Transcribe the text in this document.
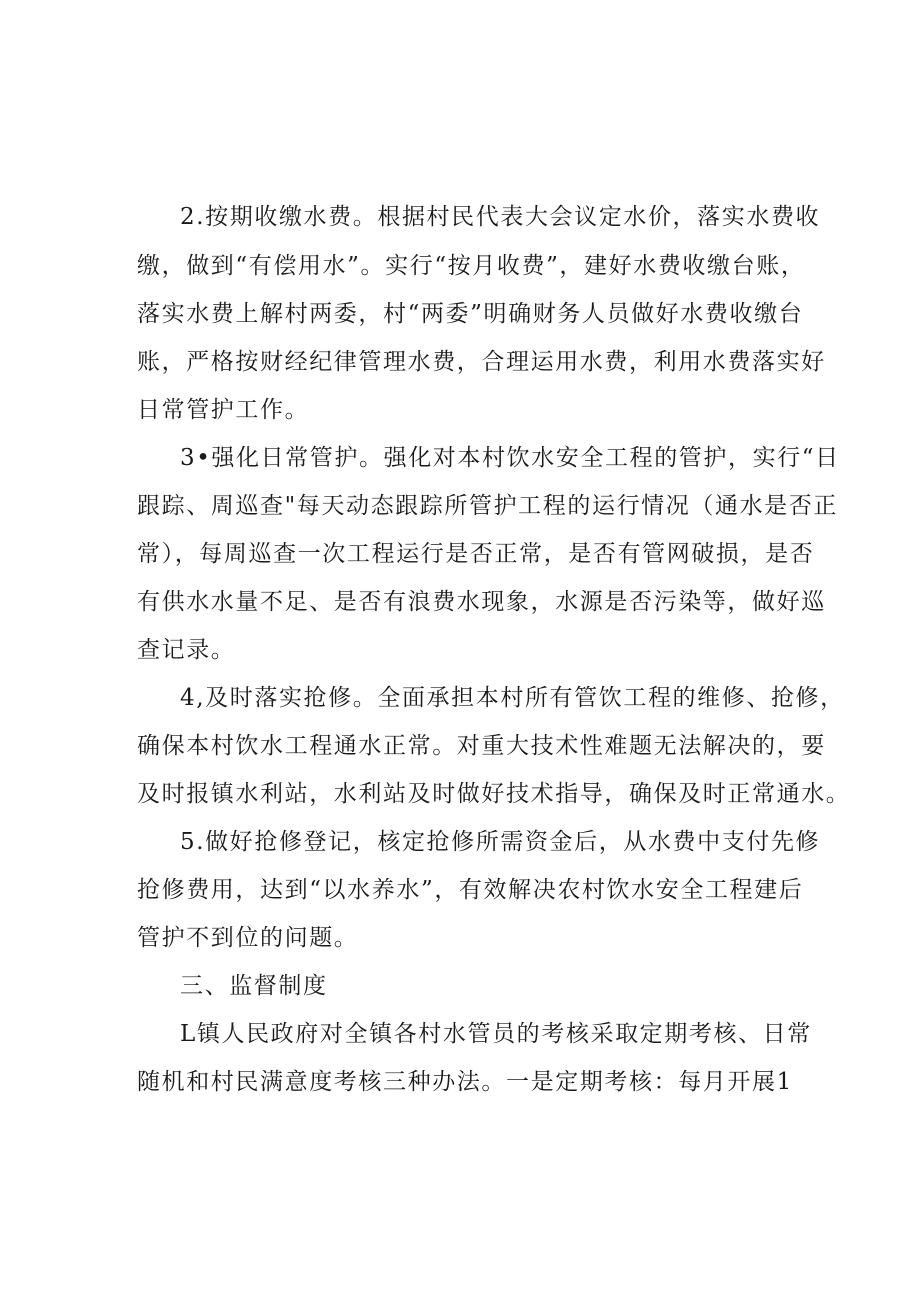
2.按期收缴水费。根据村民代表大会议定水价，落实水费收

缴，做到“有偿用水”。实行“按月收费”，建好水费收缴台账，

落实水费上解村两委，村“两委”明确财务人员做好水费收缴台

账，严格按财经纪律管理水费，合理运用水费，利用水费落实好

日常管护工作。

3•强化日常管护。强化对本村饮水安全工程的管护，实行“日

跟踪、周巡查"每天动态跟踪所管护工程的运行情况（通水是否正

常），每周巡查一次工程运行是否正常，是否有管网破损，是否

有供水水量不足、是否有浪费水现象，水源是否污染等，做好巡

查记录。

4,及时落实抢修。全面承担本村所有管饮工程的维修、抢修，

确保本村饮水工程通水正常。对重大技术性难题无法解决的，要

及时报镇水利站，水利站及时做好技术指导，确保及时正常通水。

5.做好抢修登记，核定抢修所需资金后，从水费中支付先修

抢修费用，达到“以水养水”，有效解决农村饮水安全工程建后

管护不到位的问题。

三、监督制度

L镇人民政府对全镇各村水管员的考核采取定期考核、日常

随机和村民满意度考核三种办法。一是定期考核：每月开展1
